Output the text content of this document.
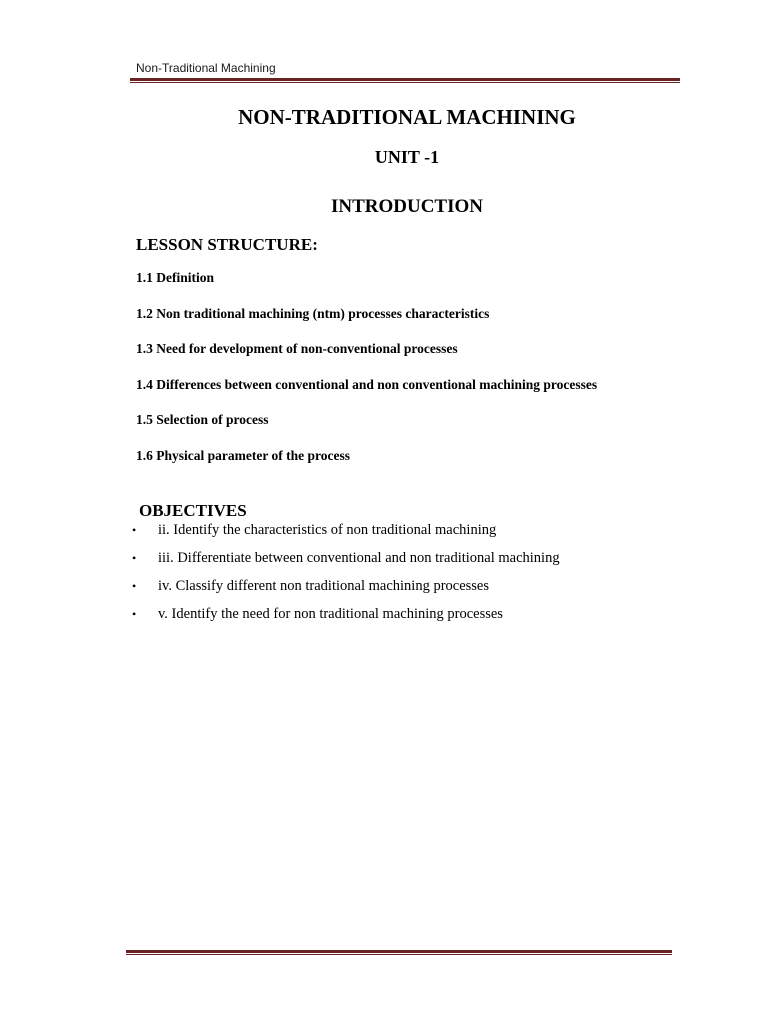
Non-Traditional Machining

NON-TRADITIONAL MACHINING
UNIT -1
INTRODUCTION
LESSON STRUCTURE:
1.1 Definition
1.2 Non traditional machining (ntm) processes characteristics
1.3 Need for development of non-conventional processes
1.4 Differences between conventional and non conventional machining processes
1.5 Selection of process
1.6 Physical parameter of the process
OBJECTIVES
• ii. Identify the characteristics of non traditional machining
• iii. Differentiate between conventional and non traditional machining
• iv. Classify different non traditional machining processes
• v. Identify the need for non traditional machining processes
